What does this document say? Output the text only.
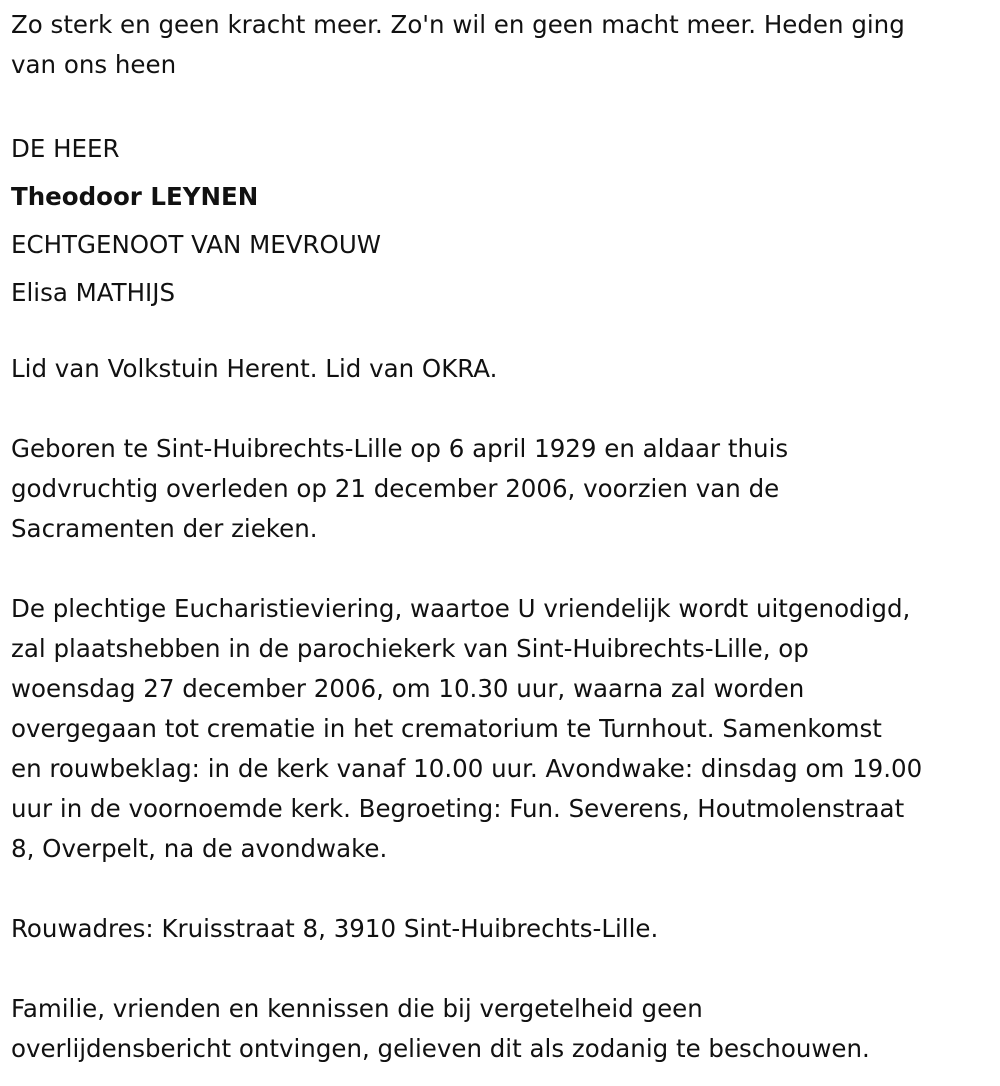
Zo sterk en geen kracht meer. Zo'n wil en geen macht meer. Heden ging
van ons heen
DE HEER
Theodoor LEYNEN
ECHTGENOOT VAN MEVROUW
Elisa MATHIJS
Lid van Volkstuin Herent. Lid van OKRA.
Geboren te Sint-Huibrechts-Lille op 6 april 1929 en aldaar thuis
godvruchtig overleden op 21 december 2006, voorzien van de
Sacramenten der zieken.
De plechtige Eucharistieviering, waartoe U vriendelijk wordt uitgenodigd,
zal plaatshebben in de parochiekerk van Sint-Huibrechts-Lille, op
woensdag 27 december 2006, om 10.30 uur, waarna zal worden
overgegaan tot crematie in het crematorium te Turnhout. Samenkomst
en rouwbeklag: in de kerk vanaf 10.00 uur. Avondwake: dinsdag om 19.00
uur in de voornoemde kerk. Begroeting: Fun. Severens, Houtmolenstraat
8, Overpelt, na de avondwake.
Rouwadres: Kruisstraat 8, 3910 Sint-Huibrechts-Lille.
Familie, vrienden en kennissen die bij vergetelheid geen
overlijdensbericht ontvingen, gelieven dit als zodanig te beschouwen.
